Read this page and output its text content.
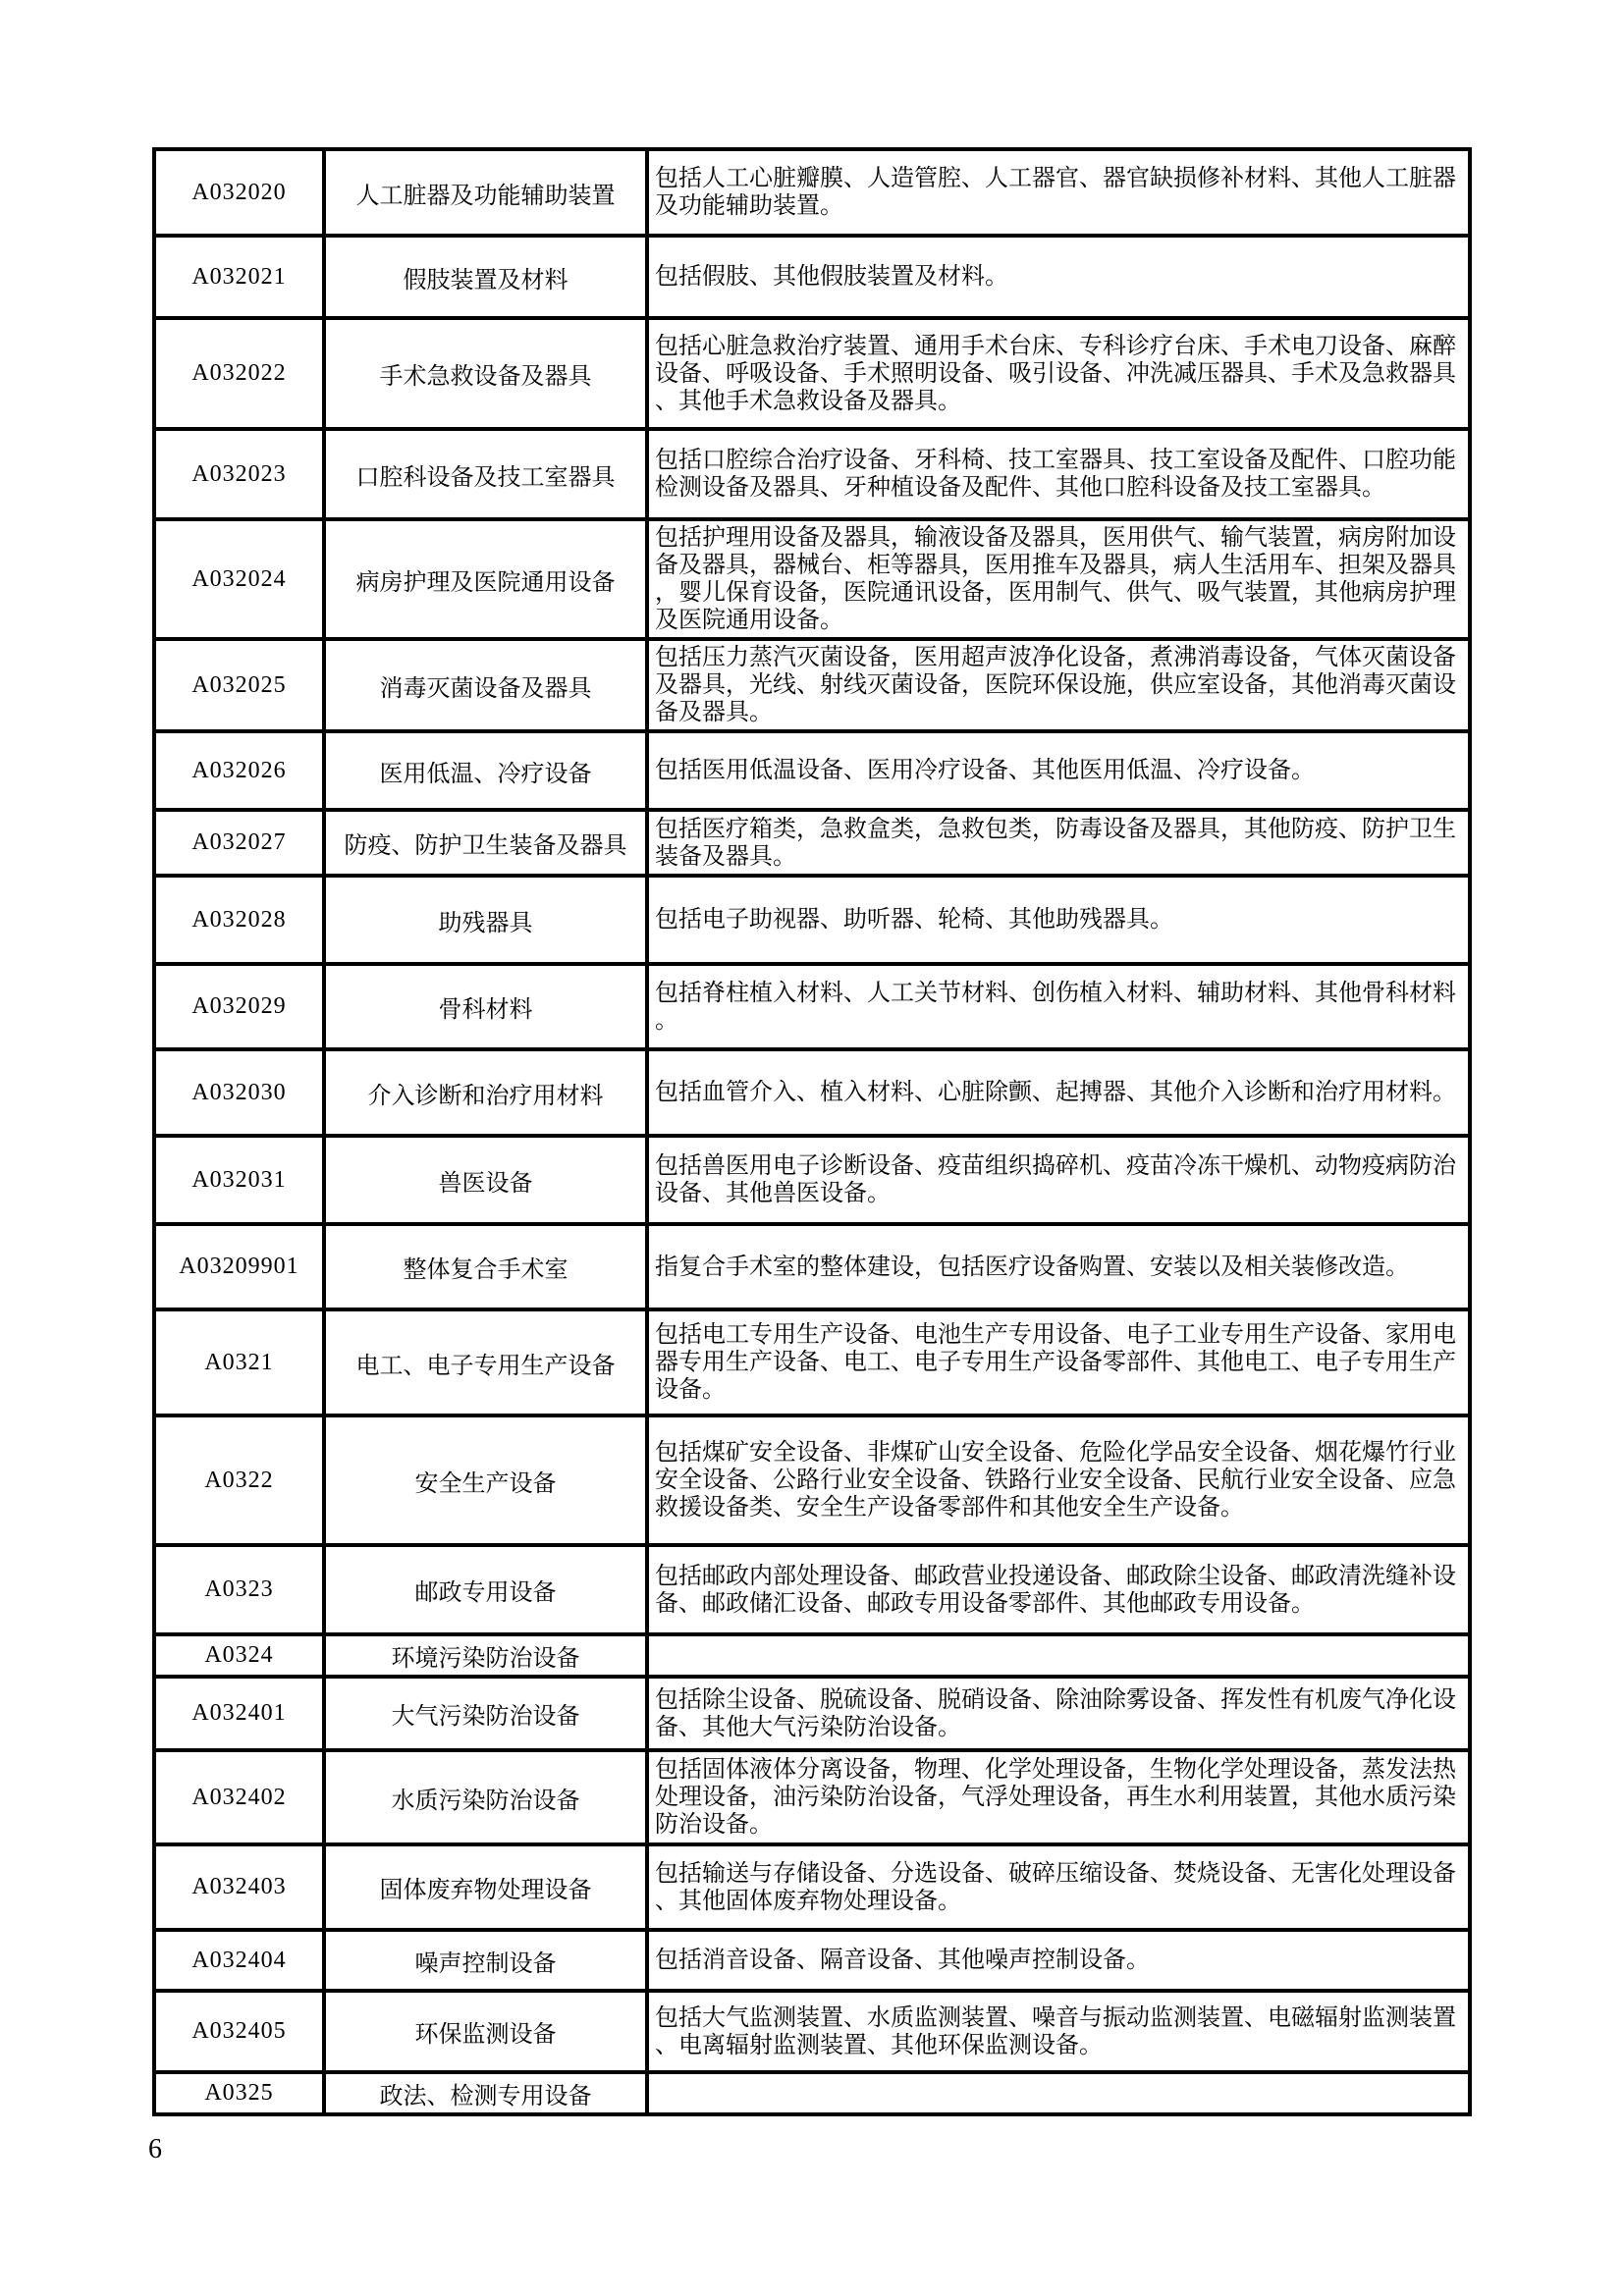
A032020	人工脏器及功能辅助装置	包括人工心脏瓣膜、人造管腔、人工器官、器官缺损修补材料、其他人工脏器及功能辅助装置。
A032021	假肢装置及材料	包括假肢、其他假肢装置及材料。
A032022	手术急救设备及器具	包括心脏急救治疗装置、通用手术台床、专科诊疗台床、手术电刀设备、麻醉设备、呼吸设备、手术照明设备、吸引设备、冲洗减压器具、手术及急救器具、其他手术急救设备及器具。
A032023	口腔科设备及技工室器具	包括口腔综合治疗设备、牙科椅、技工室器具、技工室设备及配件、口腔功能检测设备及器具、牙种植设备及配件、其他口腔科设备及技工室器具。
A032024	病房护理及医院通用设备	包括护理用设备及器具，输液设备及器具，医用供气、输气装置，病房附加设备及器具，器械台、柜等器具，医用推车及器具，病人生活用车、担架及器具，婴儿保育设备，医院通讯设备，医用制气、供气、吸气装置，其他病房护理及医院通用设备。
A032025	消毒灭菌设备及器具	包括压力蒸汽灭菌设备，医用超声波净化设备，煮沸消毒设备，气体灭菌设备及器具，光线、射线灭菌设备，医院环保设施，供应室设备，其他消毒灭菌设备及器具。
A032026	医用低温、冷疗设备	包括医用低温设备、医用冷疗设备、其他医用低温、冷疗设备。
A032027	防疫、防护卫生装备及器具	包括医疗箱类，急救盒类，急救包类，防毒设备及器具，其他防疫、防护卫生装备及器具。
A032028	助残器具	包括电子助视器、助听器、轮椅、其他助残器具。
A032029	骨科材料	包括脊柱植入材料、人工关节材料、创伤植入材料、辅助材料、其他骨科材料。
A032030	介入诊断和治疗用材料	包括血管介入、植入材料、心脏除颤、起搏器、其他介入诊断和治疗用材料。
A032031	兽医设备	包括兽医用电子诊断设备、疫苗组织捣碎机、疫苗冷冻干燥机、动物疫病防治设备、其他兽医设备。
A03209901	整体复合手术室	指复合手术室的整体建设，包括医疗设备购置、安装以及相关装修改造。
A0321	电工、电子专用生产设备	包括电工专用生产设备、电池生产专用设备、电子工业专用生产设备、家用电器专用生产设备、电工、电子专用生产设备零部件、其他电工、电子专用生产设备。
A0322	安全生产设备	包括煤矿安全设备、非煤矿山安全设备、危险化学品安全设备、烟花爆竹行业安全设备、公路行业安全设备、铁路行业安全设备、民航行业安全设备、应急救援设备类、安全生产设备零部件和其他安全生产设备。
A0323	邮政专用设备	包括邮政内部处理设备、邮政营业投递设备、邮政除尘设备、邮政清洗缝补设备、邮政储汇设备、邮政专用设备零部件、其他邮政专用设备。
A0324	环境污染防治设备	
A032401	大气污染防治设备	包括除尘设备、脱硫设备、脱硝设备、除油除雾设备、挥发性有机废气净化设备、其他大气污染防治设备。
A032402	水质污染防治设备	包括固体液体分离设备，物理、化学处理设备，生物化学处理设备，蒸发法热处理设备，油污染防治设备，气浮处理设备，再生水利用装置，其他水质污染防治设备。
A032403	固体废弃物处理设备	包括输送与存储设备、分选设备、破碎压缩设备、焚烧设备、无害化处理设备、其他固体废弃物处理设备。
A032404	噪声控制设备	包括消音设备、隔音设备、其他噪声控制设备。
A032405	环保监测设备	包括大气监测装置、水质监测装置、噪音与振动监测装置、电磁辐射监测装置、电离辐射监测装置、其他环保监测设备。
A0325	政法、检测专用设备	
6
